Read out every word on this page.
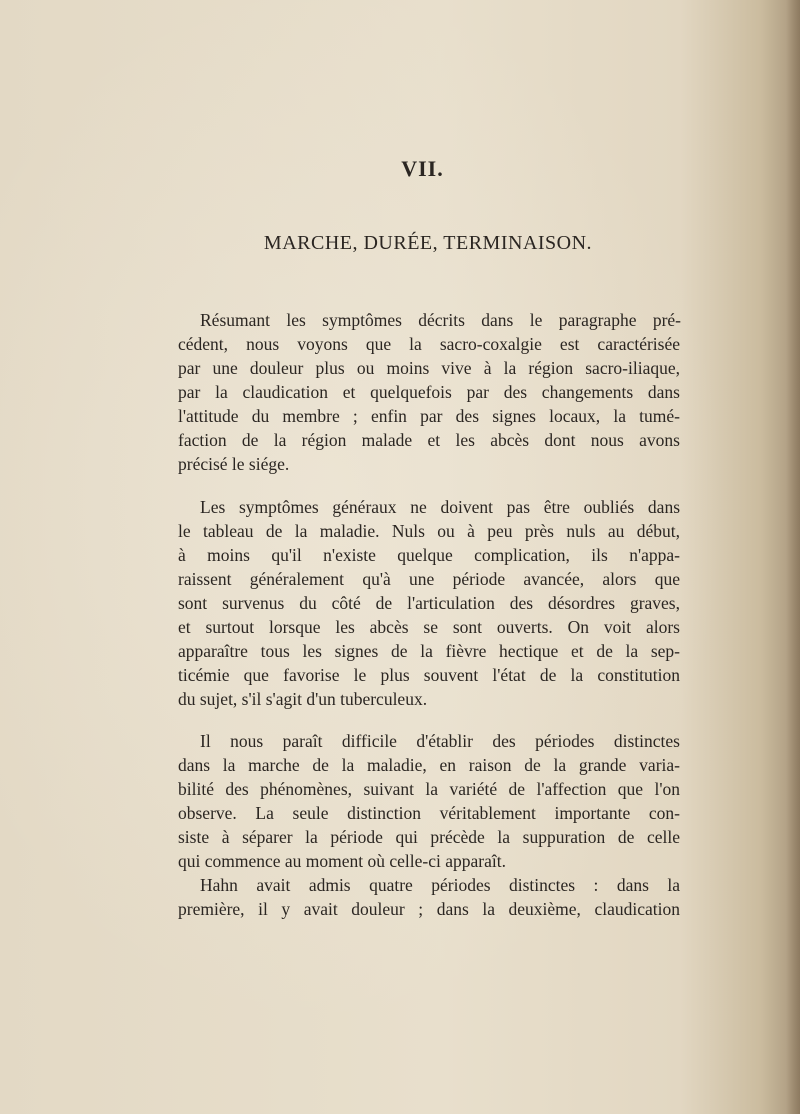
VII.
MARCHE, DURÉE, TERMINAISON.
Résumant les symptômes décrits dans le paragraphe pré-
cédent, nous voyons que la sacro-coxalgie est caractérisée
par une douleur plus ou moins vive à la région sacro-iliaque,
par la claudication et quelquefois par des changements dans
l'attitude du membre ; enfin par des signes locaux, la tumé-
faction de la région malade et les abcès dont nous avons
précisé le siége.
Les symptômes généraux ne doivent pas être oubliés dans
le tableau de la maladie. Nuls ou à peu près nuls au début,
à moins qu'il n'existe quelque complication, ils n'appa-
raissent généralement qu'à une période avancée, alors que
sont survenus du côté de l'articulation des désordres graves,
et surtout lorsque les abcès se sont ouverts. On voit alors
apparaître tous les signes de la fièvre hectique et de la sep-
ticémie que favorise le plus souvent l'état de la constitution
du sujet, s'il s'agit d'un tuberculeux.
Il nous paraît difficile d'établir des périodes distinctes
dans la marche de la maladie, en raison de la grande varia-
bilité des phénomènes, suivant la variété de l'affection que l'on
observe. La seule distinction véritablement importante con-
siste à séparer la période qui précède la suppuration de celle
qui commence au moment où celle-ci apparaît.
Hahn avait admis quatre périodes distinctes : dans la
première, il y avait douleur ; dans la deuxième, claudication
